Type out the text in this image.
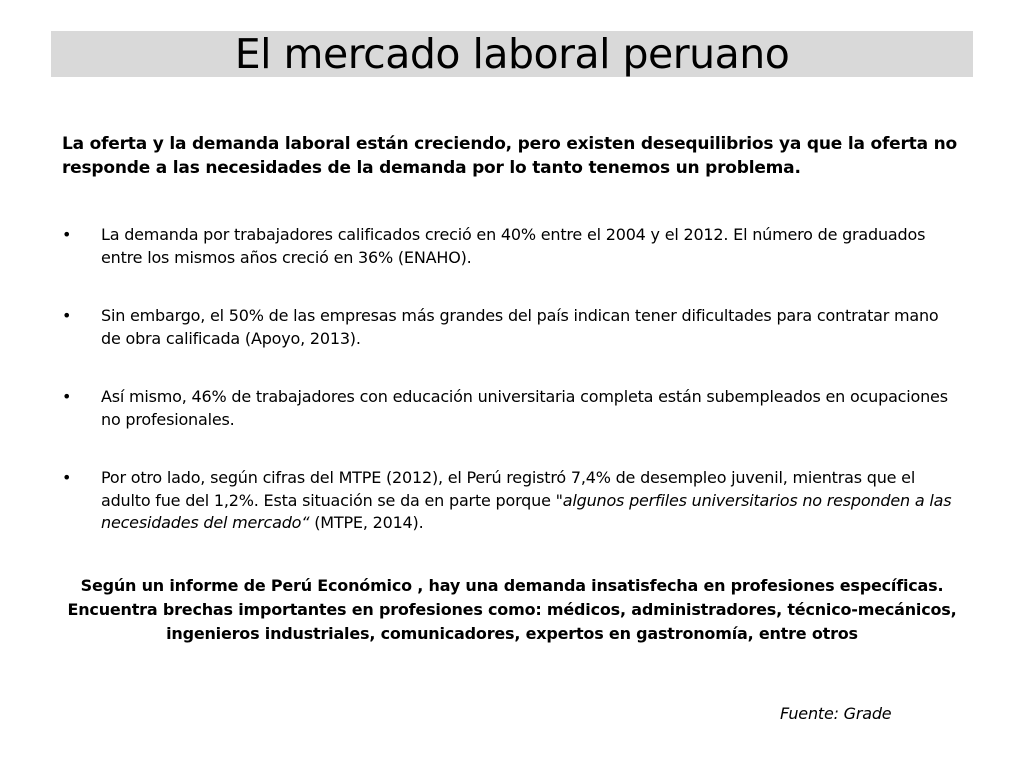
El mercado laboral peruano

La oferta y la demanda laboral están creciendo, pero existen desequilibrios ya que la oferta no responde a las necesidades de la demanda por lo tanto tenemos un problema.

• La demanda por trabajadores calificados creció en 40% entre el 2004 y el 2012. El número de graduados entre los mismos años creció en 36% (ENAHO).
• Sin embargo, el 50% de las empresas más grandes del país indican tener dificultades para contratar mano de obra calificada (Apoyo, 2013).
• Así mismo, 46% de trabajadores con educación universitaria completa están subempleados en ocupaciones no profesionales.
• Por otro lado, según cifras del MTPE (2012), el Perú registró 7,4% de desempleo juvenil, mientras que el adulto fue del 1,2%. Esta situación se da en parte porque "algunos perfiles universitarios no responden a las necesidades del mercado“ (MTPE, 2014).

Según un informe de Perú Económico , hay una demanda insatisfecha en profesiones específicas. Encuentra brechas importantes en profesiones como: médicos, administradores, técnico-mecánicos, ingenieros industriales, comunicadores, expertos en gastronomía, entre otros

Fuente: Grade
